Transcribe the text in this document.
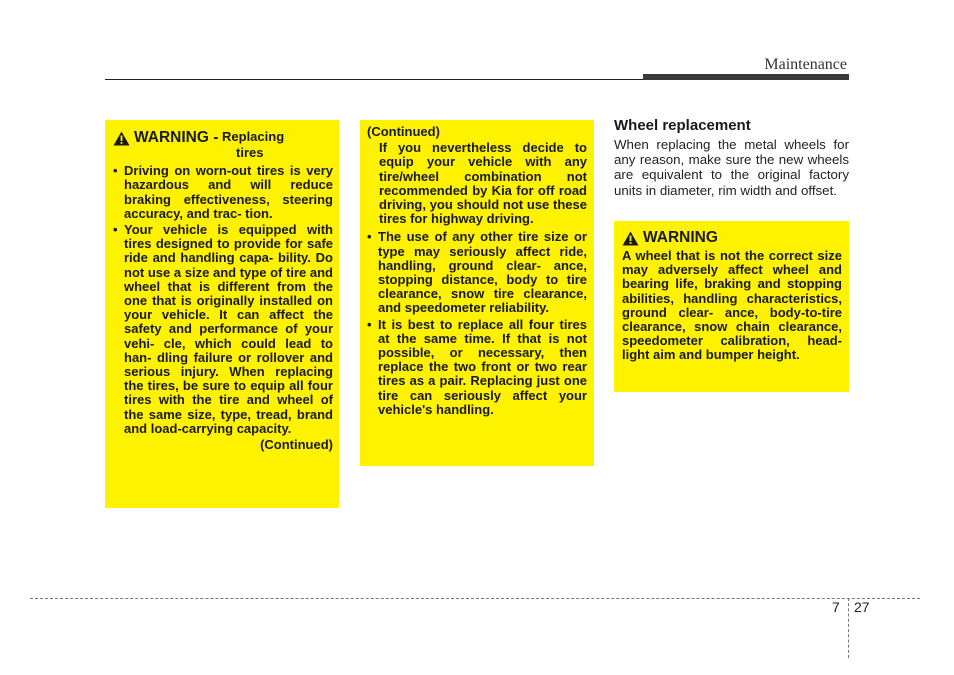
Maintenance
WARNING -
Replacing
tires
• Driving on worn-out tires is very hazardous and will reduce braking effectiveness, steering accuracy, and trac- tion.
• Your vehicle is equipped with tires designed to provide for safe ride and handling capa- bility. Do not use a size and type of tire and wheel that is different from the one that is originally installed on your vehicle. It can affect the safety and performance of your vehi- cle, which could lead to han- dling failure or rollover and serious injury. When replacing the tires, be sure to equip all four tires with the tire and wheel of the same size, type, tread, brand and load-carrying capacity.
(Continued)
(Continued)
If you nevertheless decide to equip your vehicle with any tire/wheel combination not recommended by Kia for off road driving, you should not use these tires for highway driving.
• The use of any other tire size or type may seriously affect ride, handling, ground clear- ance, stopping distance, body to tire clearance, snow tire clearance, and speedometer reliability.
• It is best to replace all four tires at the same time. If that is not possible, or necessary, then replace the two front or two rear tires as a pair. Replacing just one tire can seriously affect your vehicle's handling.
Wheel replacement
When replacing the metal wheels for any reason, make sure the new wheels are equivalent to the original factory units in diameter, rim width and offset.
WARNING
A wheel that is not the correct size may adversely affect wheel and bearing life, braking and stopping abilities, handling characteristics, ground clear- ance, body-to-tire clearance, snow chain clearance, speedometer calibration, head- light aim and bumper height.
7 27
